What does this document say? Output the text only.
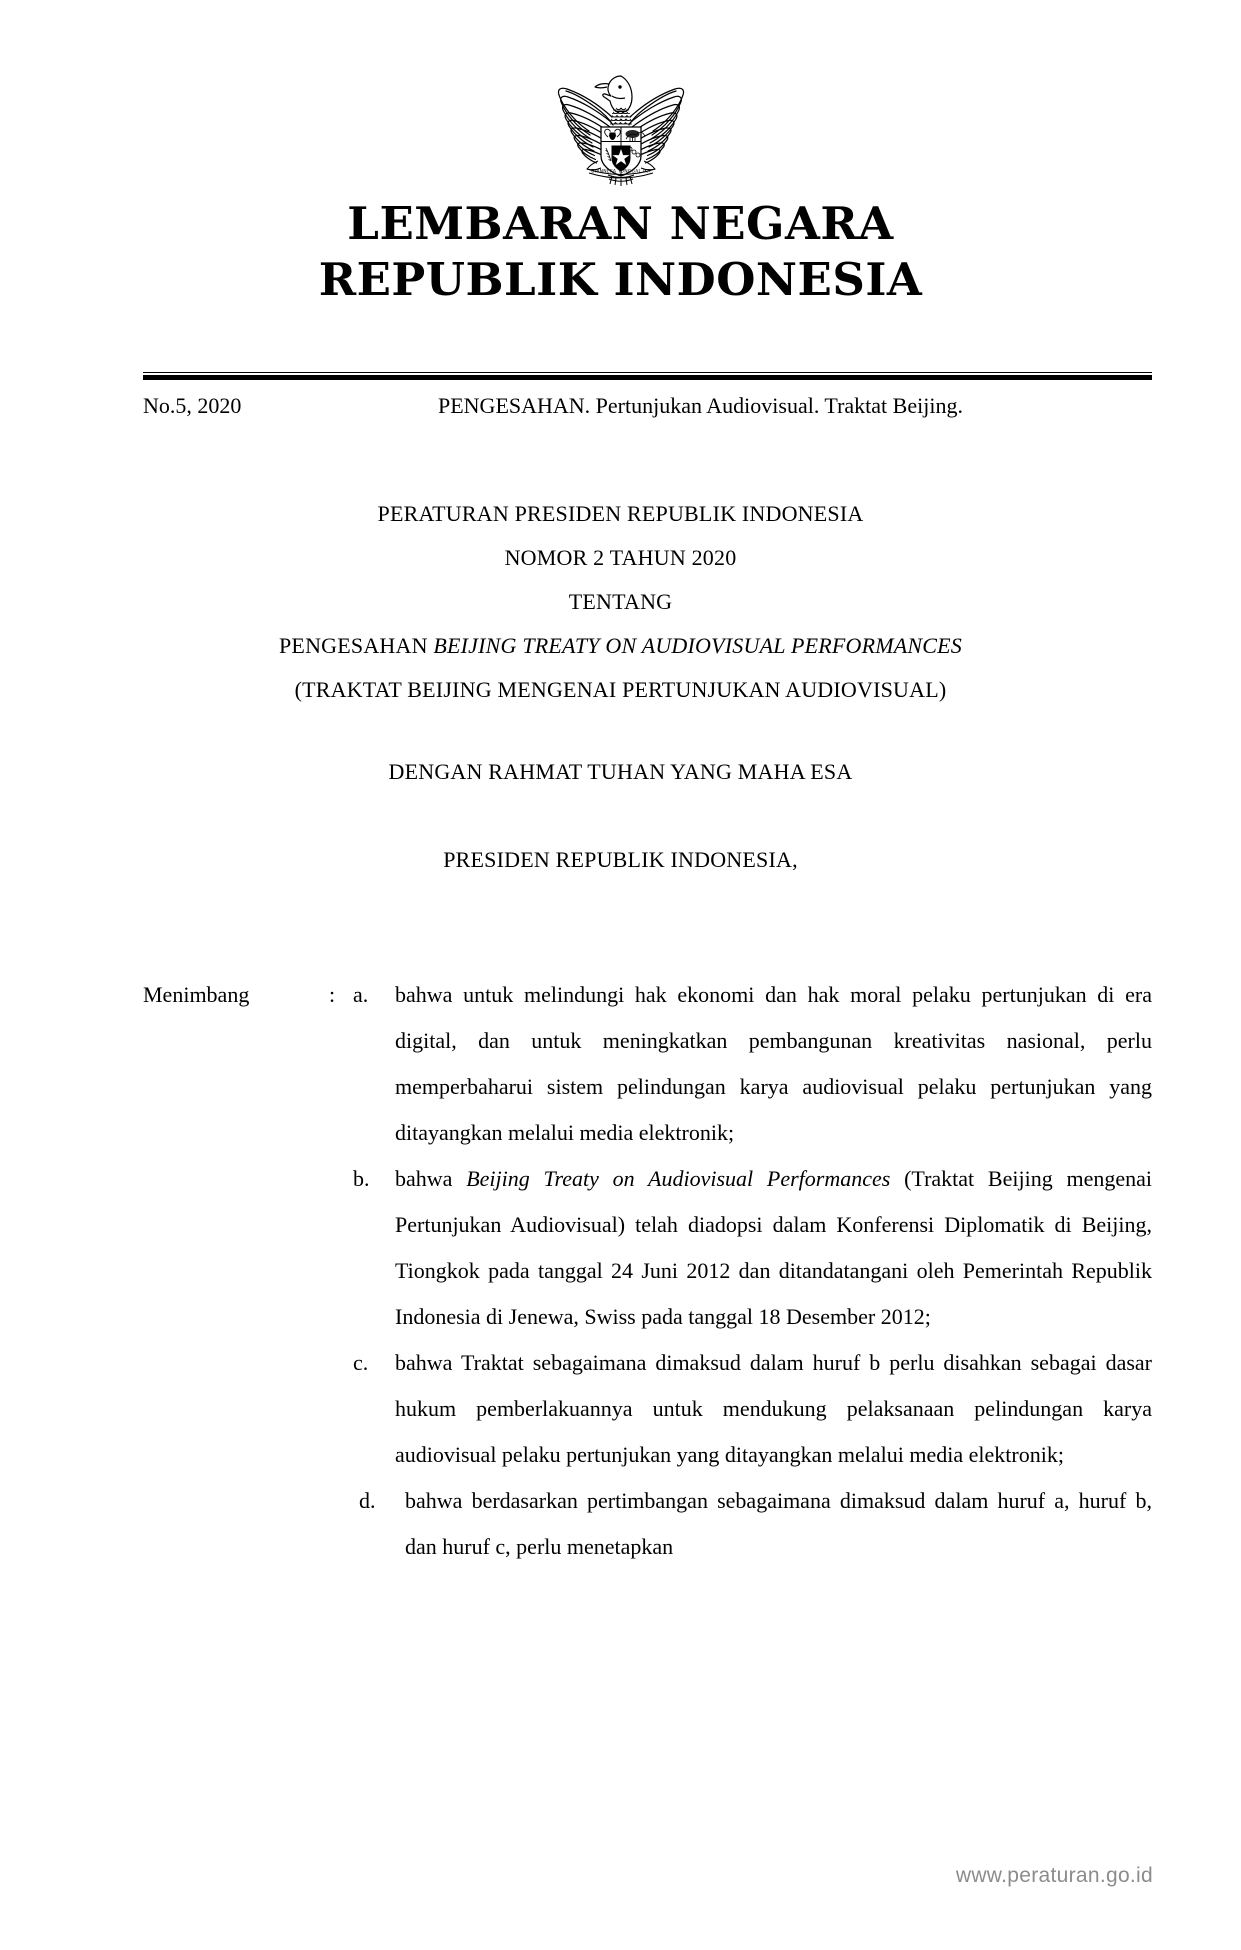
BHINNEKA TUNGGAL IKA
LEMBARAN NEGARA
REPUBLIK INDONESIA
No.5, 2020	PENGESAHAN. Pertunjukan Audiovisual. Traktat Beijing.
PERATURAN PRESIDEN REPUBLIK INDONESIA
NOMOR 2 TAHUN 2020
TENTANG
PENGESAHAN BEIJING TREATY ON AUDIOVISUAL PERFORMANCES
(TRAKTAT BEIJING MENGENAI PERTUNJUKAN AUDIOVISUAL)
DENGAN RAHMAT TUHAN YANG MAHA ESA
PRESIDEN REPUBLIK INDONESIA,
Menimbang	: a.	bahwa untuk melindungi hak ekonomi dan hak moral pelaku pertunjukan di era digital, dan untuk meningkatkan pembangunan kreativitas nasional, perlu memperbaharui sistem pelindungan karya audiovisual pelaku pertunjukan yang ditayangkan melalui media elektronik;
b.	bahwa Beijing Treaty on Audiovisual Performances (Traktat Beijing mengenai Pertunjukan Audiovisual) telah diadopsi dalam Konferensi Diplomatik di Beijing, Tiongkok pada tanggal 24 Juni 2012 dan ditandatangani oleh Pemerintah Republik Indonesia di Jenewa, Swiss pada tanggal 18 Desember 2012;
c.	bahwa Traktat sebagaimana dimaksud dalam huruf b perlu disahkan sebagai dasar hukum pemberlakuannya untuk mendukung pelaksanaan pelindungan karya audiovisual pelaku pertunjukan yang ditayangkan melalui media elektronik;
d.	bahwa berdasarkan pertimbangan sebagaimana dimaksud dalam huruf a, huruf b, dan huruf c, perlu menetapkan
www.peraturan.go.id
